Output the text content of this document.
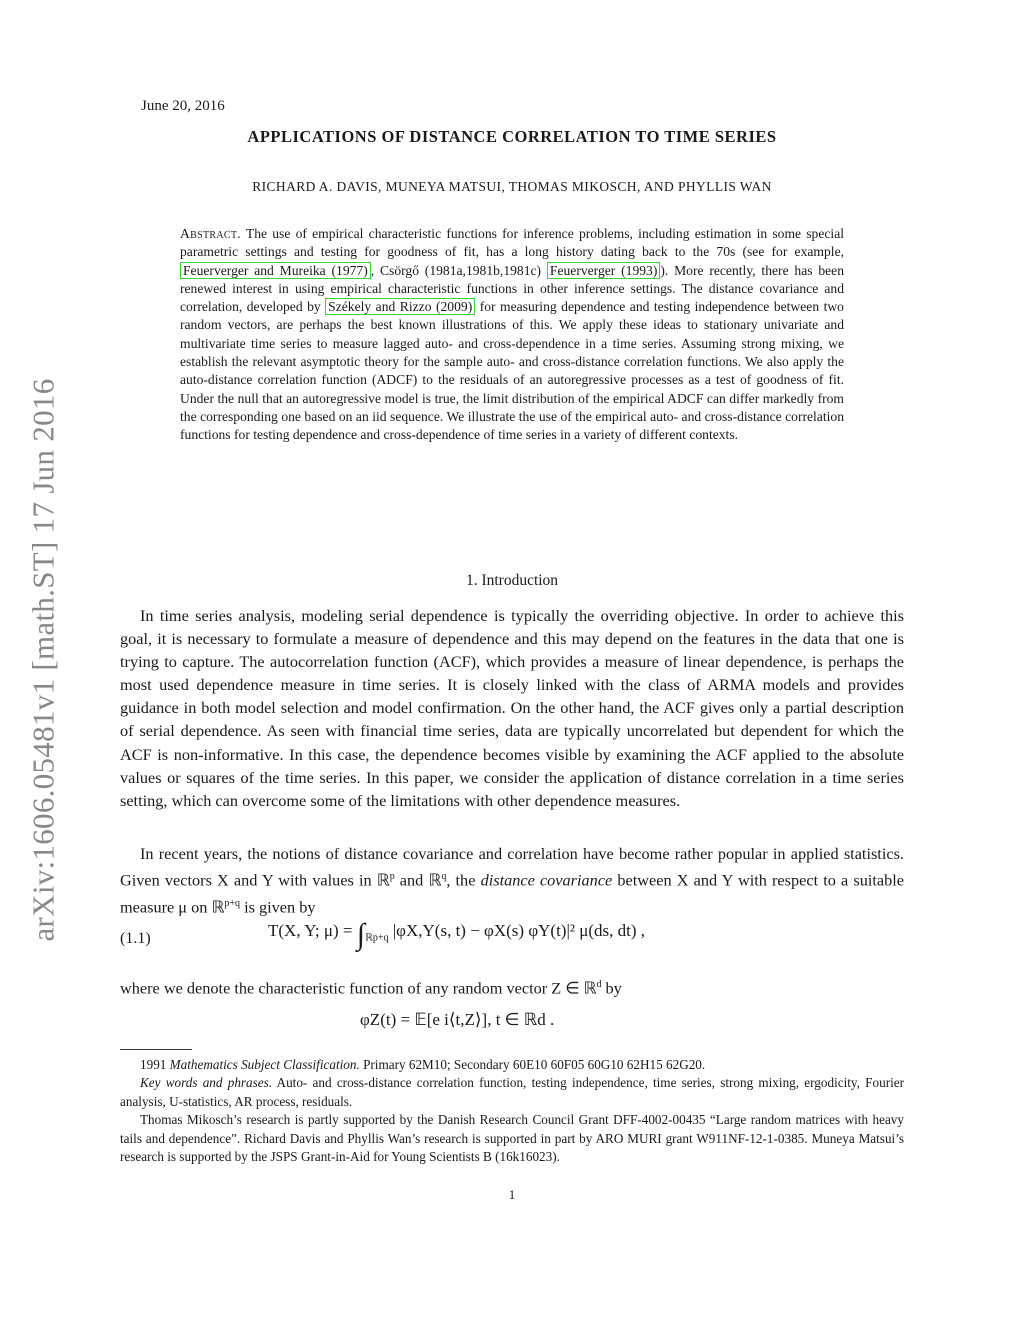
arXiv:1606.05481v1 [math.ST] 17 Jun 2016
June 20, 2016
APPLICATIONS OF DISTANCE CORRELATION TO TIME SERIES
RICHARD A. DAVIS, MUNEYA MATSUI, THOMAS MIKOSCH, AND PHYLLIS WAN
Abstract. The use of empirical characteristic functions for inference problems, including estimation in some special parametric settings and testing for goodness of fit, has a long history dating back to the 70s (see for example, Feuerverger and Mureika (1977) , Csörgő (1981a,1981b,1981c) Feuerverger (1993) ). More recently, there has been renewed interest in using empirical characteristic functions in other inference settings. The distance covariance and correlation, developed by Székely and Rizzo (2009) for measuring dependence and testing independence between two random vectors, are perhaps the best known illustrations of this. We apply these ideas to stationary univariate and multivariate time series to measure lagged auto- and cross-dependence in a time series. Assuming strong mixing, we establish the relevant asymptotic theory for the sample auto- and cross-distance correlation functions. We also apply the auto-distance correlation function (ADCF) to the residuals of an autoregressive processes as a test of goodness of fit. Under the null that an autoregressive model is true, the limit distribution of the empirical ADCF can differ markedly from the corresponding one based on an iid sequence. We illustrate the use of the empirical auto- and cross-distance correlation functions for testing dependence and cross-dependence of time series in a variety of different contexts.
1. Introduction

In time series analysis, modeling serial dependence is typically the overriding objective. In order to achieve this goal, it is necessary to formulate a measure of dependence and this may depend on the features in the data that one is trying to capture. The autocorrelation function (ACF), which provides a measure of linear dependence, is perhaps the most used dependence measure in time series. It is closely linked with the class of ARMA models and provides guidance in both model selection and model confirmation. On the other hand, the ACF gives only a partial description of serial dependence. As seen with financial time series, data are typically uncorrelated but dependent for which the ACF is non-informative. In this case, the dependence becomes visible by examining the ACF applied to the absolute values or squares of the time series. In this paper, we consider the application of distance correlation in a time series setting, which can overcome some of the limitations with other dependence measures.

In recent years, the notions of distance covariance and correlation have become rather popular in applied statistics. Given vectors X and Y with values in ℝ$^p$ and ℝ$^q$, the distance covariance between X and Y with respect to a suitable measure μ on ℝ$^{p+q}$ is given by

(1.1)	T(X, Y; $\mu) = \int_{ℝp+q}$ |φX,Y(s, t) − φX(s) φY(t)|² μ(ds, dt) ,

where we denote the characteristic function of any random vector Z ∈ ℝ$^d$ by

φZ(t) = 𝔼[e i⟨t,Z⟩], t ∈ ℝd .

1991 Mathematics Subject Classification. Primary 62M10; Secondary 60E10 60F05 60G10 62H15 62G20.

Key words and phrases. Auto- and cross-distance correlation function, testing independence, time series, strong mixing, ergodicity, Fourier analysis, U-statistics, AR process, residuals.

Thomas Mikosch’s research is partly supported by the Danish Research Council Grant DFF-4002-00435 “Large random matrices with heavy tails and dependence”. Richard Davis and Phyllis Wan’s research is supported in part by ARO MURI grant W911NF-12-1-0385. Muneya Matsui’s research is supported by the JSPS Grant-in-Aid for Young Scientists B (16k16023).

1
